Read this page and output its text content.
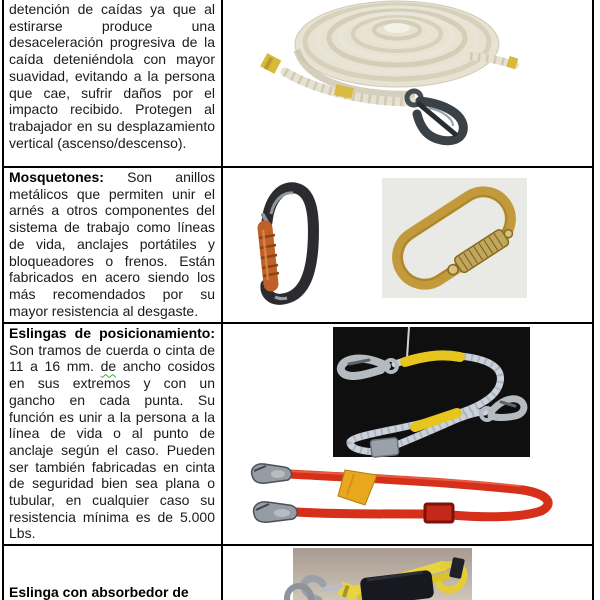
detención de caídas ya que al estirarse produce una desaceleración progresiva de la caída deteniéndola con mayor suavidad, evitando a la persona que cae, sufrir daños por el impacto recibido. Protegen al trabajador en su desplazamiento vertical (ascenso/descenso).
Mosquetones: Son anillos metálicos que permiten unir el arnés a otros componentes del sistema de trabajo como líneas de vida, anclajes portátiles y bloqueadores o frenos. Están fabricados en acero siendo los más recomendados por su mayor resistencia al desgaste.
Eslingas de posicionamiento: Son tramos de cuerda o cinta de 11 a 16 mm. de ancho cosidos en sus extremos y con un gancho en cada punta. Su función es unir a la persona a la línea de vida o al punto de anclaje según el caso. Pueden ser también fabricadas en cinta de seguridad bien sea plana o tubular, en cualquier caso su resistencia mínima es de 5.000 Lbs.
Eslinga con absorbedor de
